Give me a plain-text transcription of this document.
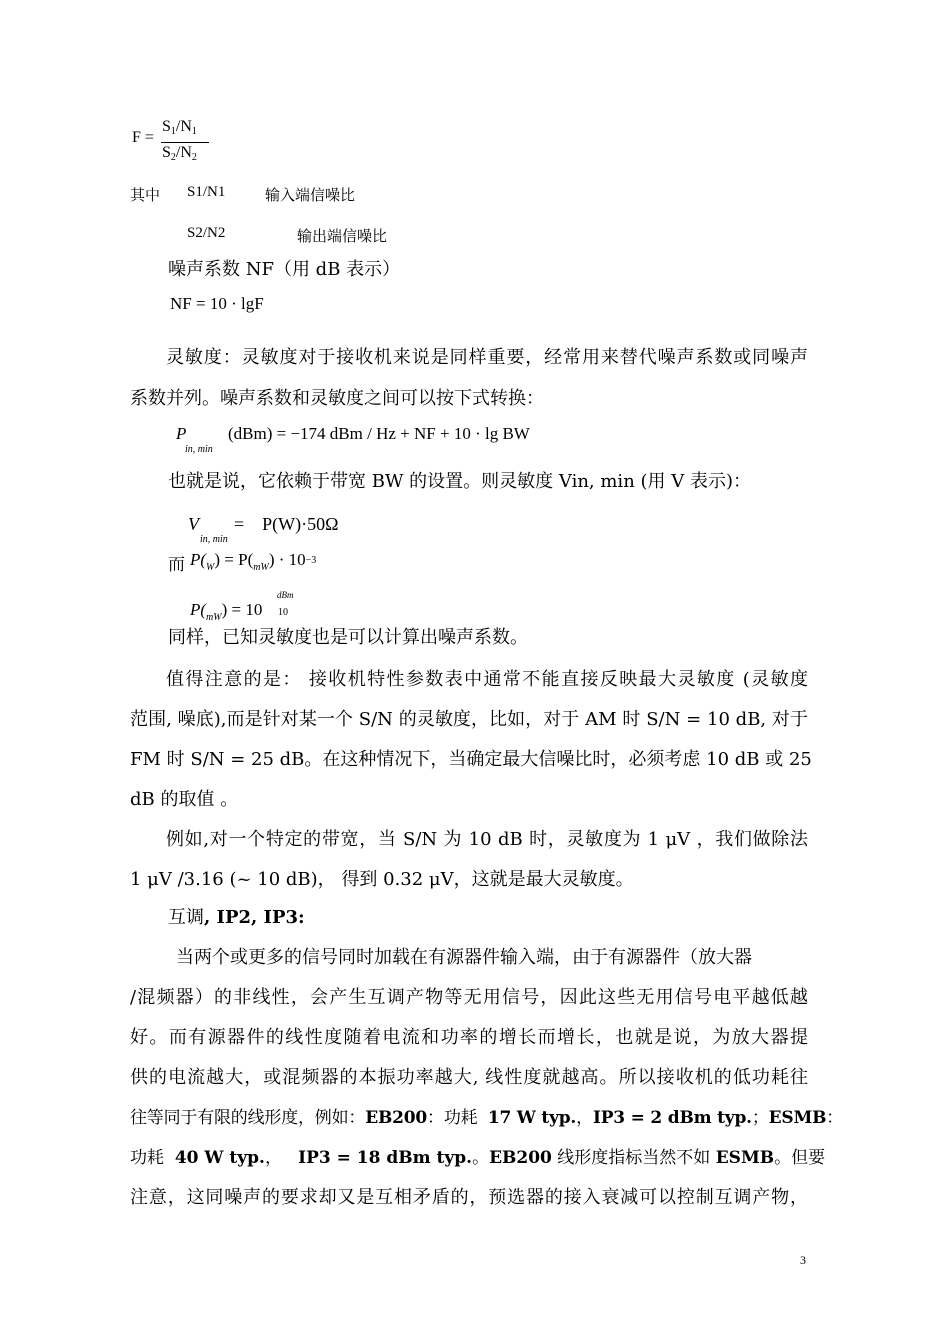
F =
$S_1/N_1$
$S_2/N_2$
其中 S1/N1	输入端信噪比
S2/N2	输出端信噪比
噪声系数 NF（用 dB 表示）
NF = 10 · lgF
灵敏度：灵敏度对于接收机来说是同样重要，经常用来替代噪声系数或同噪声
系数并列。噪声系数和灵敏度之间可以按下式转换：
P
in, min
(dBm) = −174 dBm / Hz + NF + 10 · lg BW
也就是说，它依赖于带宽 BW 的设置。则灵敏度 Vin, min (用 V 表示)：
V
in, min
=    P(W)·50Ω
而 $P(_W) = P(_{mW}) \cdot 10^{-3}$
$P(_{mW}) = 10$
dBm
10
同样，已知灵敏度也是可以计算出噪声系数。
值得注意的是： 接收机特性参数表中通常不能直接反映最大灵敏度 (灵敏度
范围, 噪底),而是针对某一个 S/N 的灵敏度，比如，对于 AM 时 S/N = 10 dB, 对于
FM 时 S/N = 25 dB。在这种情况下，当确定最大信噪比时，必须考虑 10 dB 或 25
dB 的取值 。
例如,对一个特定的带宽，当 S/N 为 10 dB 时，灵敏度为 1 μV ，我们做除法
1 μV /3.16 (~ 10 dB)， 得到 0.32 μV，这就是最大灵敏度。
互调, IP2, IP3:
当两个或更多的信号同时加载在有源器件输入端，由于有源器件（放大器
/混频器）的非线性，会产生互调产物等无用信号，因此这些无用信号电平越低越
好。而有源器件的线性度随着电流和功率的增长而增长，也就是说，为放大器提
供的电流越大，或混频器的本振功率越大, 线性度就越高。所以接收机的低功耗往
往等同于有限的线形度，例如：EB200：功耗  17 W typ.，IP3 = 2 dBm typ.；ESMB：
功耗  40 W typ.，   IP3 = 18 dBm typ.。EB200 线形度指标当然不如 ESMB。但要
注意，这同噪声的要求却又是互相矛盾的，预选器的接入衰减可以控制互调产物，
3
